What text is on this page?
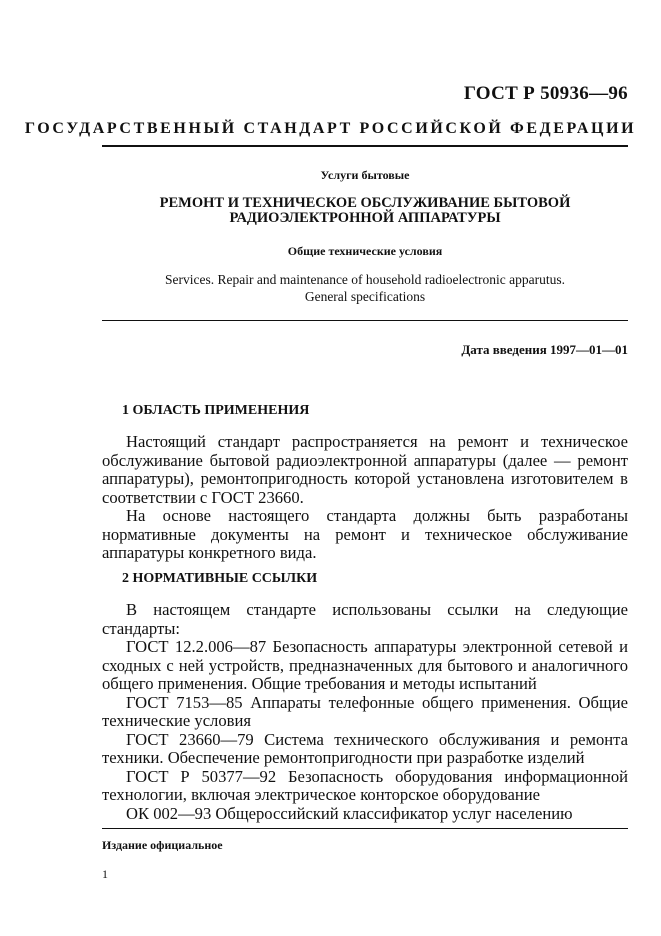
ГОСТ Р 50936—96
ГОСУДАРСТВЕННЫЙ СТАНДАРТ РОССИЙСКОЙ ФЕДЕРАЦИИ
Услуги бытовые
РЕМОНТ И ТЕХНИЧЕСКОЕ ОБСЛУЖИВАНИЕ БЫТОВОЙ
РАДИОЭЛЕКТРОННОЙ АППАРАТУРЫ
Общие технические условия
Services. Repair and maintenance of household radioelectronic apparutus.
General specifications
Дата введения 1997—01—01
1 ОБЛАСТЬ ПРИМЕНЕНИЯ

Настоящий стандарт распространяется на ремонт и техническое обслуживание бытовой радиоэлектронной аппаратуры (далее — ремонт аппаратуры), ремонтопригодность которой установлена изготовителем в соответствии с ГОСТ 23660.

На основе настоящего стандарта должны быть разработаны нормативные документы на ремонт и техническое обслуживание аппаратуры конкретного вида.

2 НОРМАТИВНЫЕ ССЫЛКИ

В настоящем стандарте использованы ссылки на следующие стандарты:

ГОСТ 12.2.006—87 Безопасность аппаратуры электронной сетевой и сходных с ней устройств, предназначенных для бытового и аналогичного общего применения. Общие требования и методы испытаний

ГОСТ 7153—85 Аппараты телефонные общего применения. Общие технические условия

ГОСТ 23660—79 Система технического обслуживания и ремонта техники. Обеспечение ремонтопригодности при разработке изделий

ГОСТ Р 50377—92 Безопасность оборудования информационной технологии, включая электрическое конторское оборудование

ОК 002—93 Общероссийский классификатор услуг населению

Издание официальное
1
